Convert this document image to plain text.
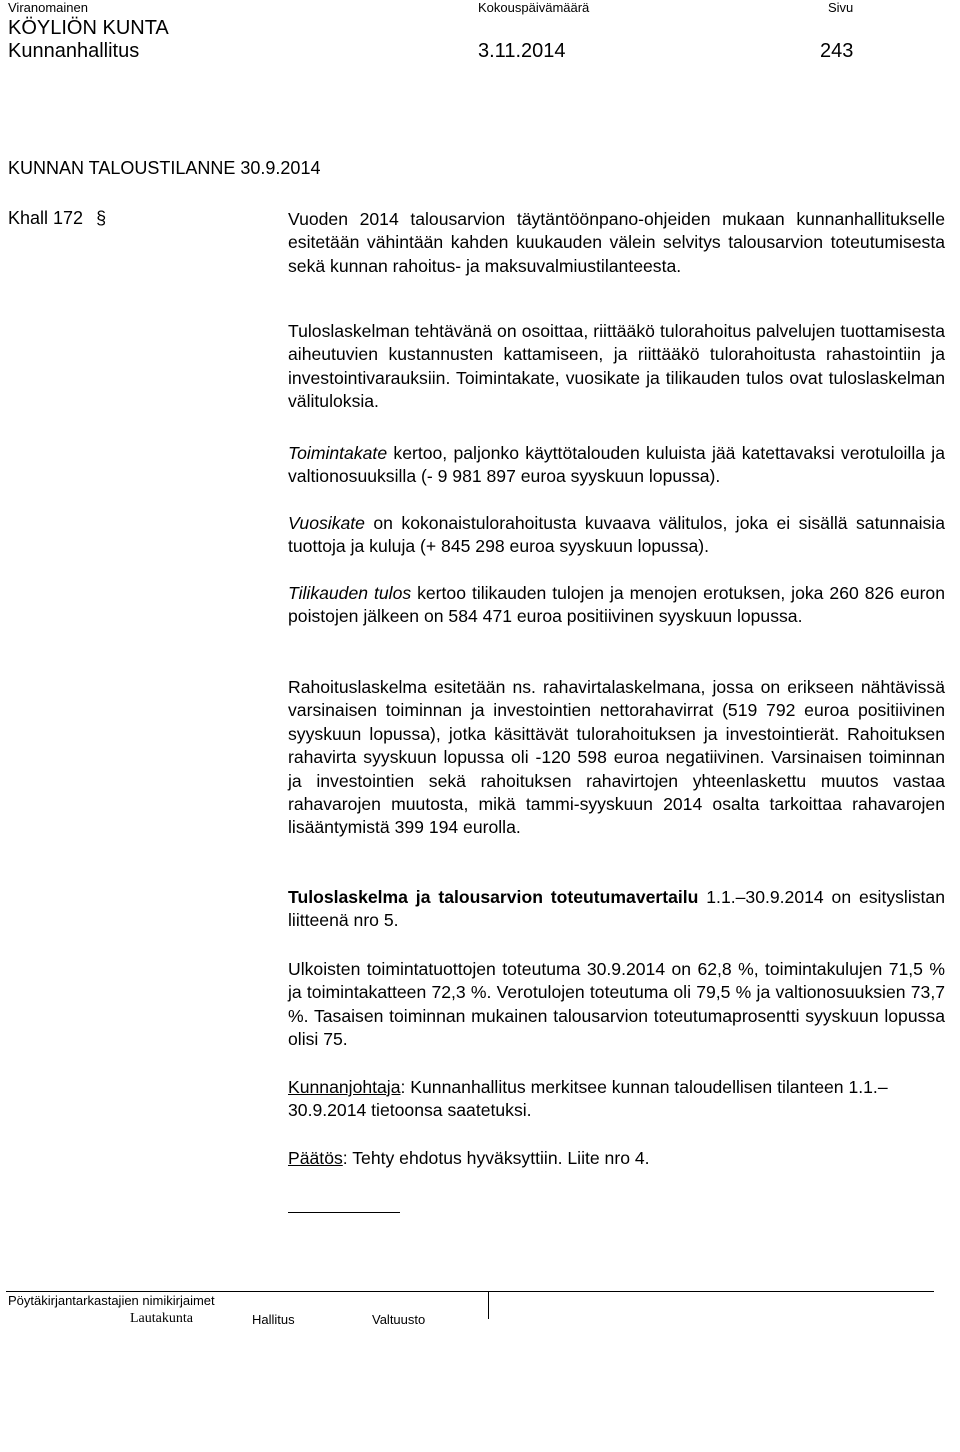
Viranomainen	Kokouspäivämäärä	Sivu
KÖYLIÖN KUNTA
Kunnanhallitus	3.11.2014	243
KUNNAN TALOUSTILANNE 30.9.2014
Khall 172 §	Vuoden 2014 talousarvion täytäntöönpano-ohjeiden mukaan kunnanhallitukselle esitetään vähintään kahden kuukauden välein selvitys talousarvion toteutumisesta sekä kunnan rahoitus- ja maksuvalmiustilanteesta.

Tuloslaskelman tehtävänä on osoittaa, riittääkö tulorahoitus palvelujen tuottamisesta aiheutuvien kustannusten kattamiseen, ja riittääkö tulorahoitusta rahastointiin ja investointivarauksiin. Toimintakate, vuosikate ja tilikauden tulos ovat tuloslaskelman välituloksia.

Toimintakate kertoo, paljonko käyttötalouden kuluista jää katettavaksi verotuloilla ja valtionosuuksilla (- 9 981 897 euroa syyskuun lopussa).

Vuosikate on kokonaistulorahoitusta kuvaava välitulos, joka ei sisällä satunnaisia tuottoja ja kuluja (+ 845 298 euroa syyskuun lopussa).

Tilikauden tulos kertoo tilikauden tulojen ja menojen erotuksen, joka 260 826 euron poistojen jälkeen on 584 471 euroa positiivinen syyskuun lopussa.

Rahoituslaskelma esitetään ns. rahavirtalaskelmana, jossa on erikseen nähtävissä varsinaisen toiminnan ja investointien nettorahavirrat (519 792 euroa positiivinen syyskuun lopussa), jotka käsittävät tulorahoituksen ja investointierät. Rahoituksen rahavirta syyskuun lopussa oli -120 598 euroa negatiivinen. Varsinaisen toiminnan ja investointien sekä rahoituksen rahavirtojen yhteenlaskettu muutos vastaa rahavarojen muutosta, mikä tammi-syyskuun 2014 osalta tarkoittaa rahavarojen lisääntymistä 399 194 eurolla.

Tuloslaskelma ja talousarvion toteutumavertailu 1.1.–30.9.2014 on esityslistan liitteenä nro 5.

Ulkoisten toimintatuottojen toteutuma 30.9.2014 on 62,8 %, toimintakulujen 71,5 % ja toimintakatteen 72,3 %. Verotulojen toteutuma oli 79,5 % ja valtionosuuksien 73,7 %. Tasaisen toiminnan mukainen talousarvion toteutumaprosentti syyskuun lopussa olisi 75.

Kunnanjohtaja: Kunnanhallitus merkitsee kunnan taloudellisen tilanteen 1.1.–30.9.2014 tietoonsa saatetuksi.

Päätös: Tehty ehdotus hyväksyttiin. Liite nro 4.

Pöytäkirjantarkastajien nimikirjaimet
Lautakunta	Hallitus	Valtuusto
